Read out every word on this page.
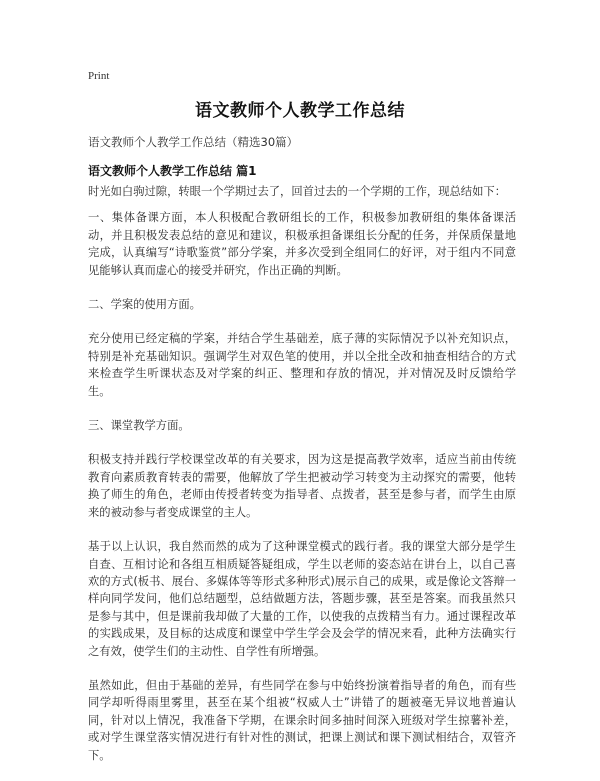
Print
语文教师个人教学工作总结
语文教师个人教学工作总结（精选30篇）
语文教师个人教学工作总结 篇1

时光如白驹过隙，转眼一个学期过去了，回首过去的一个学期的工作，现总结如下：

一、集体备课方面，本人积极配合教研组长的工作，积极参加教研组的集体备课活动，并且积极发表总结的意见和建议，积极承担备课组长分配的任务，并保质保量地完成，认真编写“诗歌鉴赏”部分学案，并多次受到全组同仁的好评，对于组内不同意见能够认真而虚心的接受并研究，作出正确的判断。

二、学案的使用方面。

充分使用已经定稿的学案，并结合学生基础差，底子薄的实际情况予以补充知识点，特别是补充基础知识。强调学生对双色笔的使用，并以全批全改和抽查相结合的方式来检查学生听课状态及对学案的纠正、整理和存放的情况，并对情况及时反馈给学生。

三、课堂教学方面。

积极支持并践行学校课堂改革的有关要求，因为这是提高教学效率，适应当前由传统教育向素质教育转表的需要，他解放了学生把被动学习转变为主动探究的需要，他转换了师生的角色，老师由传授者转变为指导者、点拨者，甚至是参与者，而学生由原来的被动参与者变成课堂的主人。

基于以上认识，我自然而然的成为了这种课堂模式的践行者。我的课堂大部分是学生自查、互相讨论和各组互相质疑答疑组成，学生以老师的姿态站在讲台上，以自己喜欢的方式(板书、展台、多媒体等等形式多种形式)展示自己的成果，或是像论文答辩一样向同学发问，他们总结题型，总结做题方法，答题步骤，甚至是答案。而我虽然只是参与其中，但是课前我却做了大量的工作，以使我的点拨精当有力。通过课程改革的实践成果，及目标的达成度和课堂中学生学会及会学的情况来看，此种方法确实行之有效，使学生们的主动性、自学性有所增强。

虽然如此，但由于基础的差异，有些同学在参与中始终扮演着指导者的角色，而有些同学却听得雨里雾里，甚至在某个组被“权威人士”讲错了的题被毫无异议地普遍认同，针对以上情况，我准备下学期，在课余时间多抽时间深入班级对学生掠薯补差，或对学生课堂落实情况进行有针对性的测试，把课上测试和课下测试相结合，双管齐下。
